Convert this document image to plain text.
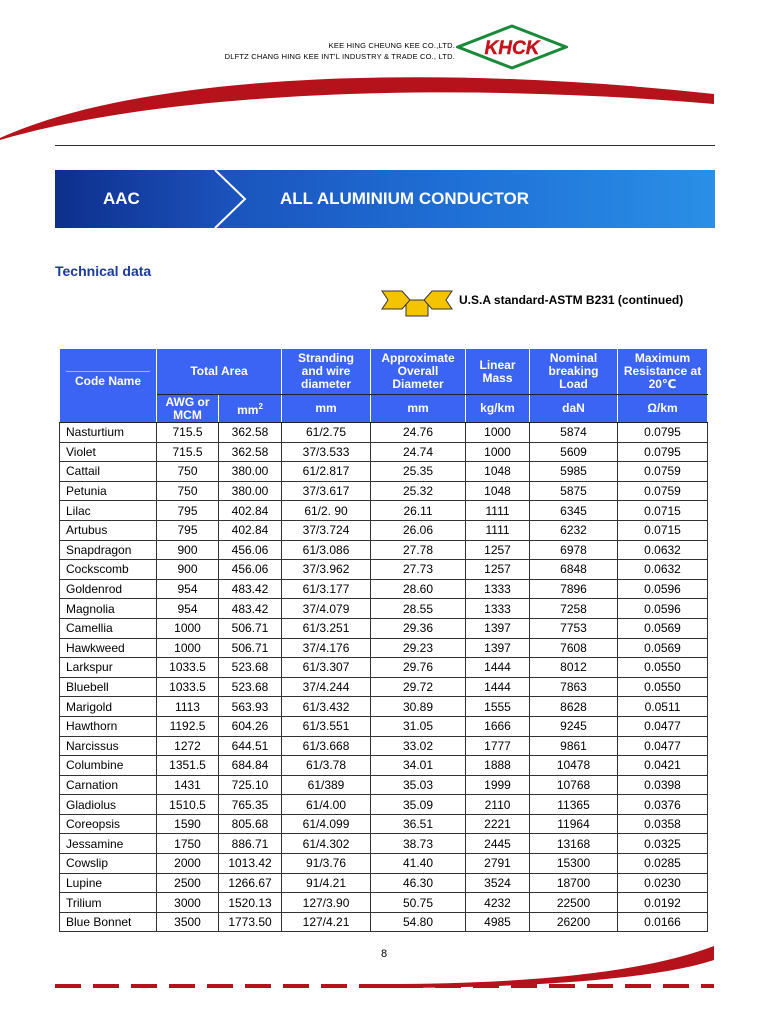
KEE HING CHEUNG KEE CO.,LTD.
DLFTZ CHANG HING KEE INT'L INDUSTRY & TRADE CO., LTD. KHCK
AAC	ALL ALUMINIUM CONDUCTOR
Technical data
U.S.A standard-ASTM B231 (continued)
Code Name	Total Area		Stranding and wire diameter	Approximate Overall Diameter	Linear Mass	Nominal breaking Load	Maximum Resistance at 20℃
	AWG or MCM	$mm^2$	mm	mm	kg/km	daN	Ω/km
Nasturtium	715.5	362.58	61/2.75	24.76	1000	5874	0.0795
Violet	715.5	362.58	37/3.533	24.74	1000	5609	0.0795
Cattail	750	380.00	61/2.817	25.35	1048	5985	0.0759
Petunia	750	380.00	37/3.617	25.32	1048	5875	0.0759
Lilac	795	402.84	61/2. 90	26.11	1111	6345	0.0715
Artubus	795	402.84	37/3.724	26.06	1111	6232	0.0715
Snapdragon	900	456.06	61/3.086	27.78	1257	6978	0.0632
Cockscomb	900	456.06	37/3.962	27.73	1257	6848	0.0632
Goldenrod	954	483.42	61/3.177	28.60	1333	7896	0.0596
Magnolia	954	483.42	37/4.079	28.55	1333	7258	0.0596
Camellia	1000	506.71	61/3.251	29.36	1397	7753	0.0569
Hawkweed	1000	506.71	37/4.176	29.23	1397	7608	0.0569
Larkspur	1033.5	523.68	61/3.307	29.76	1444	8012	0.0550
Bluebell	1033.5	523.68	37/4.244	29.72	1444	7863	0.0550
Marigold	1113	563.93	61/3.432	30.89	1555	8628	0.0511
Hawthorn	1192.5	604.26	61/3.551	31.05	1666	9245	0.0477
Narcissus	1272	644.51	61/3.668	33.02	1777	9861	0.0477
Columbine	1351.5	684.84	61/3.78	34.01	1888	10478	0.0421
Carnation	1431	725.10	61/389	35.03	1999	10768	0.0398
Gladiolus	1510.5	765.35	61/4.00	35.09	2110	11365	0.0376
Coreopsis	1590	805.68	61/4.099	36.51	2221	11964	0.0358
Jessamine	1750	886.71	61/4.302	38.73	2445	13168	0.0325
Cowslip	2000	1013.42	91/3.76	41.40	2791	15300	0.0285
Lupine	2500	1266.67	91/4.21	46.30	3524	18700	0.0230
Trilium	3000	1520.13	127/3.90	50.75	4232	22500	0.0192
Blue Bonnet	3500	1773.50	127/4.21	54.80	4985	26200	0.0166
8
